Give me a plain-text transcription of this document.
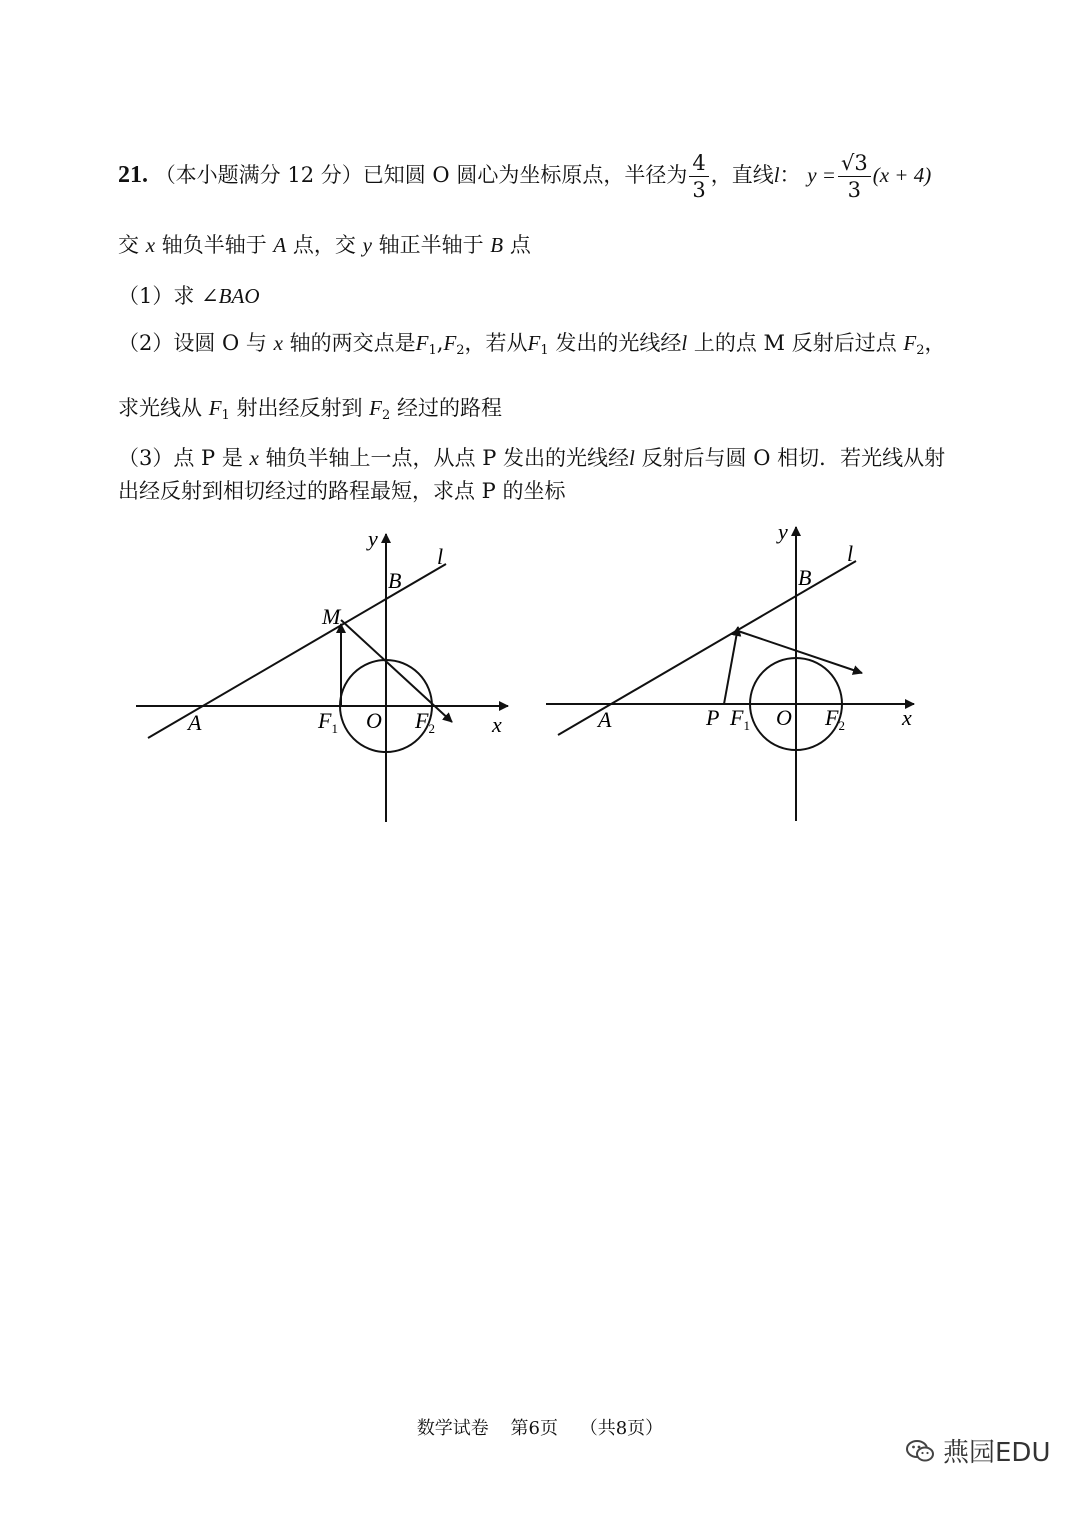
21. （本小题满分 12 分）已知圆 O 圆心为坐标原点，半径为 $\frac{4}{3}$ ，直线l： $y = \frac{√3}{3} (x + 4)$
交 x 轴负半轴于 A 点，交 y 轴正半轴于 B 点
（1）求 ∠BAO
（2）设圆 O 与 x 轴的两交点是$F_1,F_2$，若从$F_1$ 发出的光线经l 上的点 M 反射后过点 $F_2$，
求光线从 $F_1$ 射出经反射到 $F_2$ 经过的路程
（3）点 P 是 x 轴负半轴上一点，从点 P 发出的光线经l 反射后与圆 O 相切．若光线从射
出经反射到相切经过的路程最短，求点 P 的坐标
y
l
B
M
A	$F_1$ O $F_2$	x
y
l
B
A	P $F_1$ O $F_2$	x
数学试卷 第6页 （共8页）
燕园EDU
